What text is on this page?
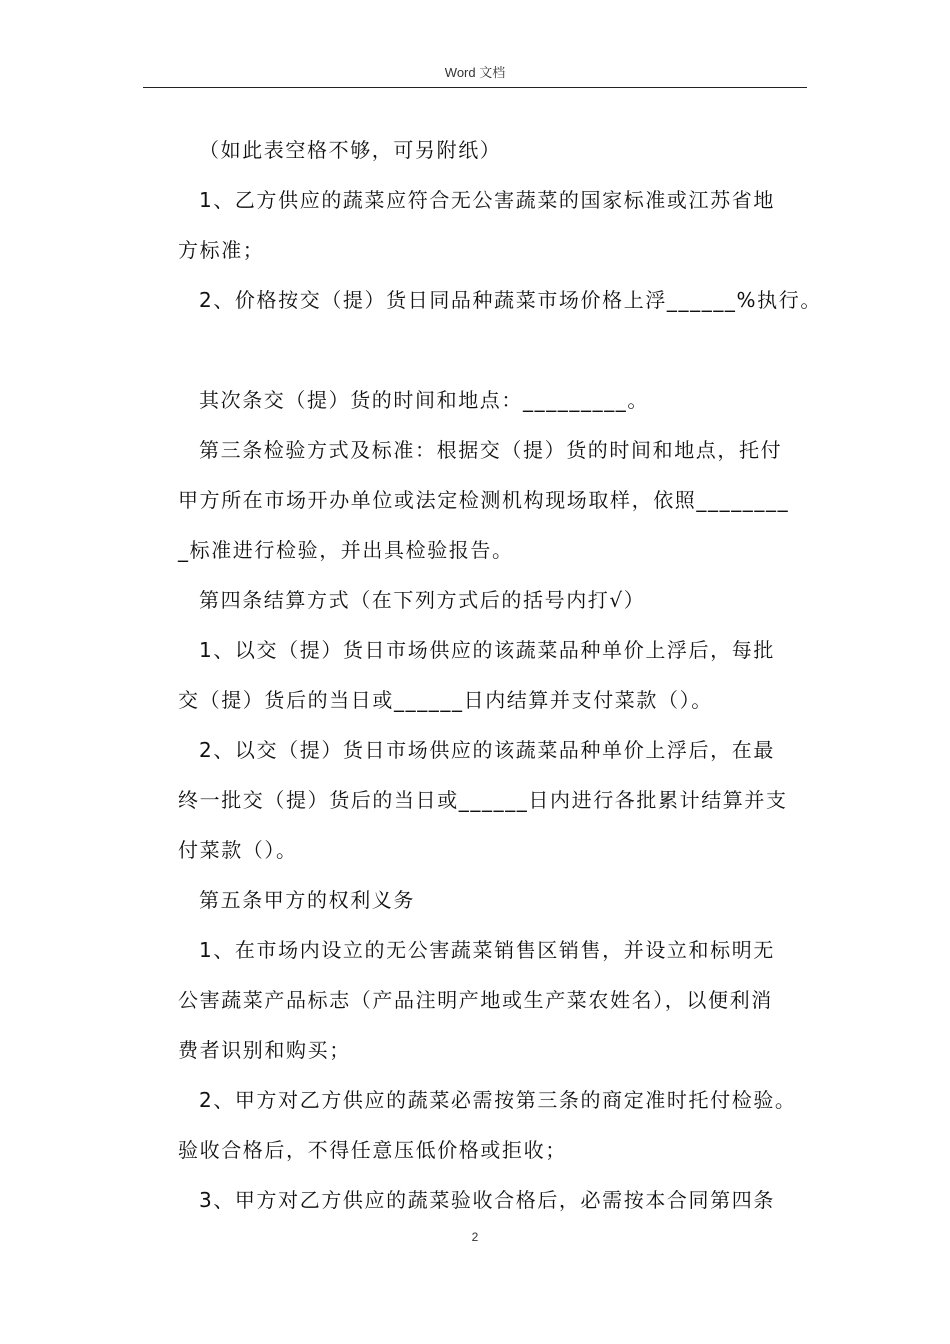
Word 文档
（如此表空格不够，可另附纸）
1、乙方供应的蔬菜应符合无公害蔬菜的国家标准或江苏省地
方标准；
2、价格按交（提）货日同品种蔬菜市场价格上浮______%执行。
其次条交（提）货的时间和地点：_________。
第三条检验方式及标准：根据交（提）货的时间和地点，托付
甲方所在市场开办单位或法定检测机构现场取样，依照________
_标准进行检验，并出具检验报告。
第四条结算方式（在下列方式后的括号内打√）
1、以交（提）货日市场供应的该蔬菜品种单价上浮后，每批
交（提）货后的当日或______日内结算并支付菜款（）。
2、以交（提）货日市场供应的该蔬菜品种单价上浮后，在最
终一批交（提）货后的当日或______日内进行各批累计结算并支
付菜款（）。
第五条甲方的权利义务
1、在市场内设立的无公害蔬菜销售区销售，并设立和标明无
公害蔬菜产品标志（产品注明产地或生产菜农姓名），以便利消
费者识别和购买；
2、甲方对乙方供应的蔬菜必需按第三条的商定准时托付检验。
验收合格后，不得任意压低价格或拒收；
3、甲方对乙方供应的蔬菜验收合格后，必需按本合同第四条
2
